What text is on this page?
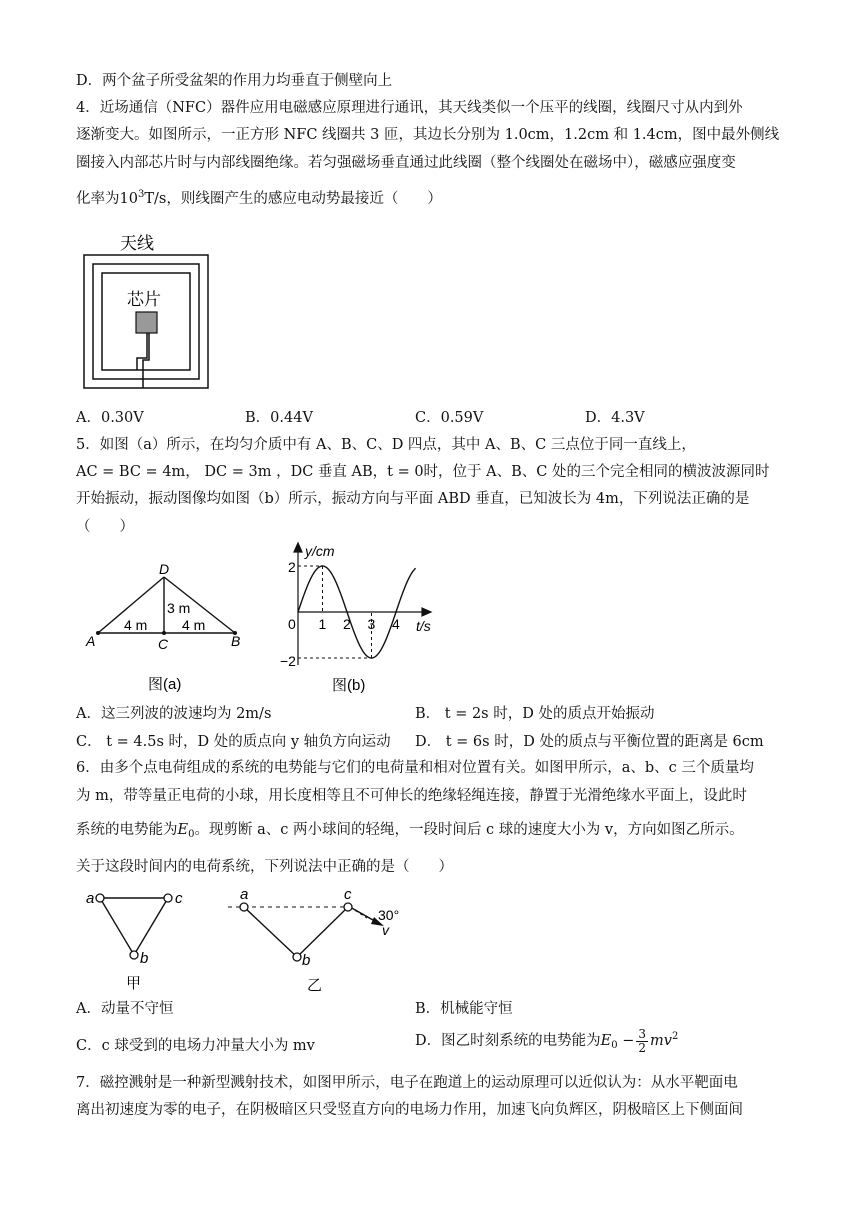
D．两个盆子所受盆架的作用力均垂直于侧壁向上
4．近场通信（NFC）器件应用电磁感应原理进行通讯，其天线类似一个压平的线圈，线圈尺寸从内到外
逐渐变大。如图所示，一正方形 NFC 线圈共 3 匝，其边长分别为 1.0cm，1.2cm 和 1.4cm，图中最外侧线
圈接入内部芯片时与内部线圈绝缘。若匀强磁场垂直通过此线圈（整个线圈处在磁场中），磁感应强度变
化率为$10^3T/s$，则线圈产生的感应电动势最接近（　　）
天线
芯片
A．0.30V	B．0.44V	C．0.59V	D．4.3V
5．如图（a）所示，在均匀介质中有 A、B、C、D 四点，其中 A、B、C 三点位于同一直线上，
AC = BC = 4m， DC = 3m ，DC 垂直 AB，t = 0时，位于 A、B、C 处的三个完全相同的横波波源同时
开始振动，振动图像均如图（b）所示，振动方向与平面 ABD 垂直，已知波长为 4m，下列说法正确的是
（　　）
D
A	B
C
3 m
4 m 4 m
图(a)
1 2 3 4
y/cm
t/s
2
−2
0
图(b)
A．这三列波的波速均为 2m/s	B． t = 2s 时，D 处的质点开始振动
C． t = 4.5s 时，D 处的质点向 y 轴负方向运动 D． t = 6s 时，D 处的质点与平衡位置的距离是 6cm
6．由多个点电荷组成的系统的电势能与它们的电荷量和相对位置有关。如图甲所示，a、b、c 三个质量均
为 m，带等量正电荷的小球，用长度相等且不可伸长的绝缘轻绳连接，静置于光滑绝缘水平面上，设此时
系统的电势能为$E_0$。现剪断 a、c 两小球间的轻绳，一段时间后 c 球的速度大小为 v，方向如图乙所示。
关于这段时间内的电荷系统，下列说法中正确的是（　　）
a	c
b
甲
a	c
b
30°
v
乙
A．动量不守恒	B．机械能守恒
C．c 球受到的电场力冲量大小为 mv	D．图乙时刻系统的电势能为$E_0 - \frac{3}{2} mv^2$
7．磁控溅射是一种新型溅射技术，如图甲所示，电子在跑道上的运动原理可以近似认为：从水平靶面电
离出初速度为零的电子，在阴极暗区只受竖直方向的电场力作用，加速飞向负辉区，阴极暗区上下侧面间
